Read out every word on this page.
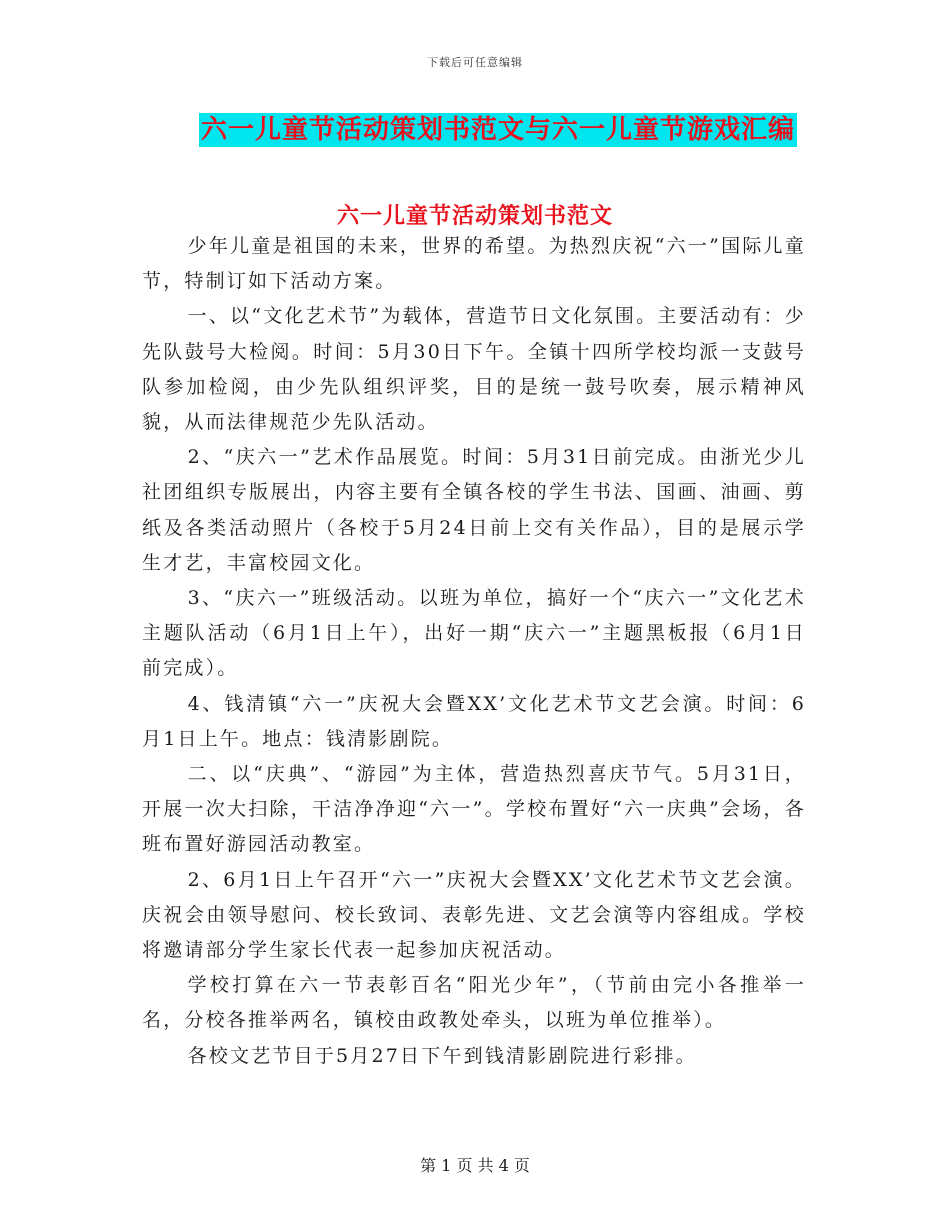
下载后可任意编辑
六一儿童节活动策划书范文与六一儿童节游戏汇编
六一儿童节活动策划书范文

少年儿童是祖国的未来，世界的希望。为热烈庆祝“六一”国际儿童节，特制订如下活动方案。

一、以“文化艺术节”为载体，营造节日文化氛围。主要活动有：少先队鼓号大检阅。时间：5月30日下午。全镇十四所学校均派一支鼓号队参加检阅，由少先队组织评奖，目的是统一鼓号吹奏，展示精神风貌，从而法律规范少先队活动。

2、“庆六一”艺术作品展览。时间：5月31日前完成。由浙光少儿社团组织专版展出，内容主要有全镇各校的学生书法、国画、油画、剪纸及各类活动照片（各校于5月24日前上交有关作品），目的是展示学生才艺，丰富校园文化。

3、“庆六一”班级活动。以班为单位，搞好一个“庆六一”文化艺术主题队活动（6月1日上午），出好一期“庆六一”主题黑板报（6月1日前完成）。

4、钱清镇“六一”庆祝大会暨XX’文化艺术节文艺会演。时间：6月1日上午。地点：钱清影剧院。

二、以“庆典”、“游园”为主体，营造热烈喜庆节气。5月31日，开展一次大扫除，干洁净净迎“六一”。学校布置好“六一庆典”会场，各班布置好游园活动教室。

2、6月1日上午召开“六一”庆祝大会暨XX’文化艺术节文艺会演。庆祝会由领导慰问、校长致词、表彰先进、文艺会演等内容组成。学校将邀请部分学生家长代表一起参加庆祝活动。

学校打算在六一节表彰百名“阳光少年”，（节前由完小各推举一名，分校各推举两名，镇校由政教处牵头，以班为单位推举）。

各校文艺节目于5月27日下午到钱清影剧院进行彩排。

第 1 页 共 4 页
